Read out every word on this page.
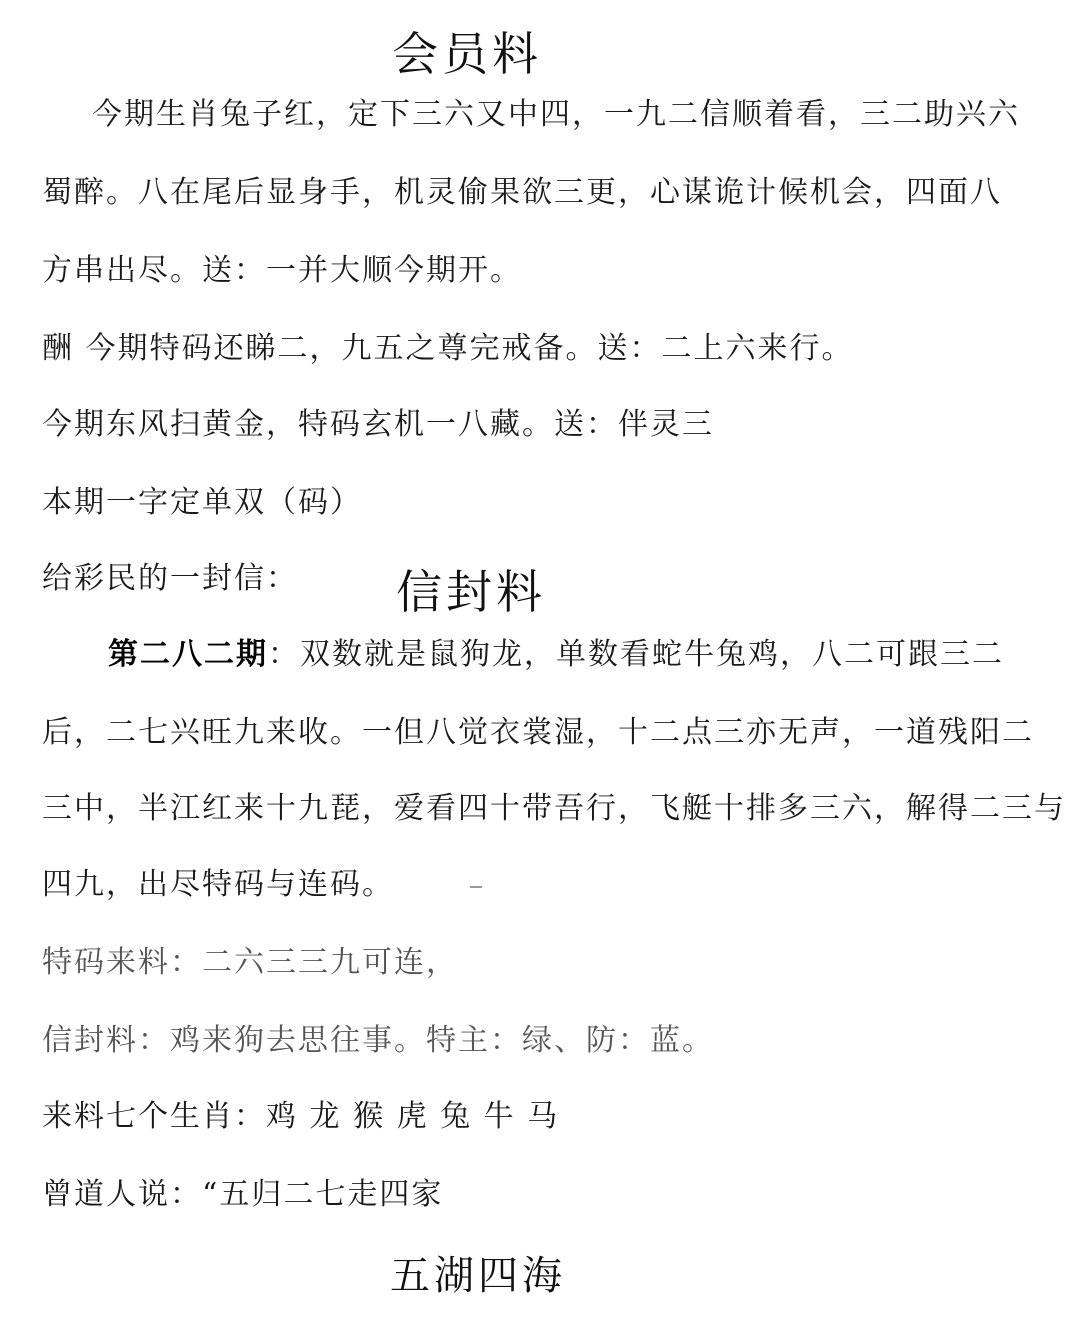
会员料
今期生肖兔子红，定下三六又中四，一九二信顺着看，三二助兴六
蜀醉。八在尾后显身手，机灵偷果欲三更，心谋诡计候机会，四面八
方串出尽。送：一并大顺今期开。
酬 今期特码还睇二，九五之尊完戒备。送：二上六来行。
今期东风扫黄金，特码玄机一八藏。送：伴灵三
本期一字定单双（码）
给彩民的一封信： 信封料
第二八二期：双数就是鼠狗龙，单数看蛇牛兔鸡，八二可跟三二
后，二七兴旺九来收。一但八觉衣裳湿，十二点三亦无声，一道残阳二
三中，半江红来十九琵，爱看四十带吾行，飞艇十排多三六，解得二三与
四九，出尽特码与连码。
特码来料：二六三三九可连，
信封料：鸡来狗去思往事。特主：绿、防：蓝。
来料七个生肖：鸡 龙 猴 虎 兔 牛 马
曾道人说：“五归二七走四家
五湖四海
